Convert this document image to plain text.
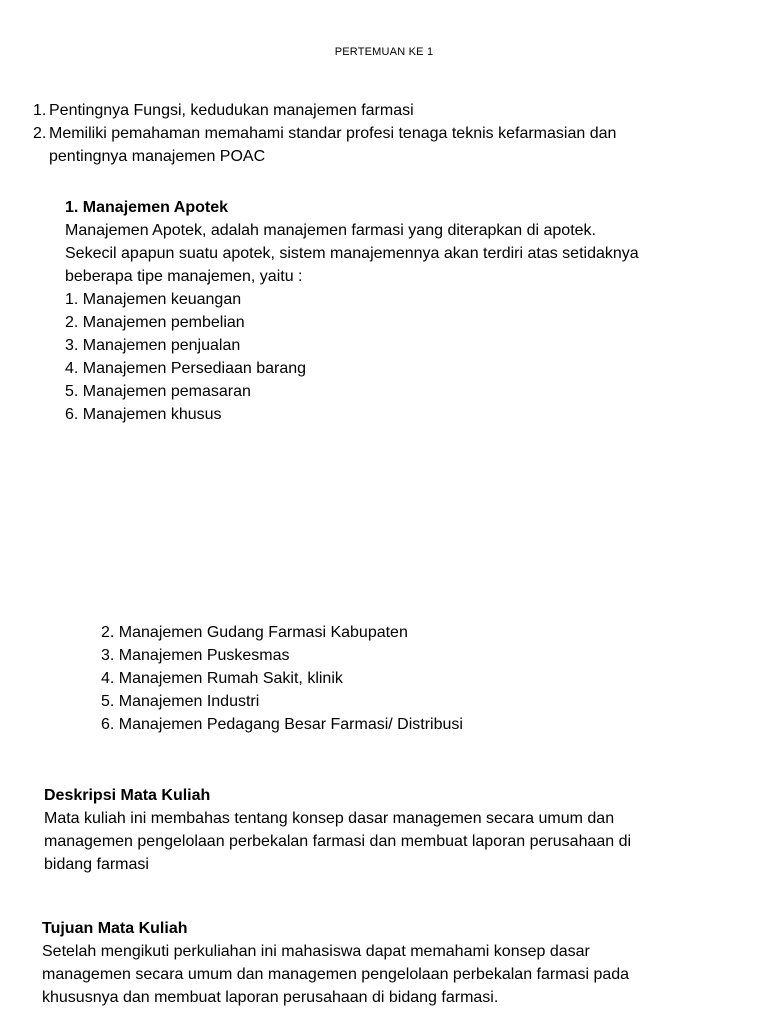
PERTEMUAN KE 1
1. Pentingnya Fungsi, kedudukan manajemen farmasi
2. Memiliki pemahaman memahami standar profesi tenaga teknis kefarmasian dan
pentingnya manajemen POAC
1. Manajemen Apotek
Manajemen Apotek, adalah manajemen farmasi yang diterapkan di apotek.
Sekecil apapun suatu apotek, sistem manajemennya akan terdiri atas setidaknya
beberapa tipe manajemen, yaitu :
1. Manajemen keuangan
2. Manajemen pembelian
3. Manajemen penjualan
4. Manajemen Persediaan barang
5. Manajemen pemasaran
6. Manajemen khusus
2. Manajemen Gudang Farmasi Kabupaten
3. Manajemen Puskesmas
4. Manajemen Rumah Sakit, klinik
5. Manajemen Industri
6. Manajemen Pedagang Besar Farmasi/ Distribusi
Deskripsi Mata Kuliah
Mata kuliah ini membahas tentang konsep dasar managemen secara umum dan
managemen pengelolaan perbekalan farmasi dan membuat laporan perusahaan di
bidang farmasi
Tujuan Mata Kuliah
Setelah mengikuti perkuliahan ini mahasiswa dapat memahami konsep dasar
managemen secara umum dan managemen pengelolaan perbekalan farmasi pada
khususnya dan membuat laporan perusahaan di bidang farmasi.
